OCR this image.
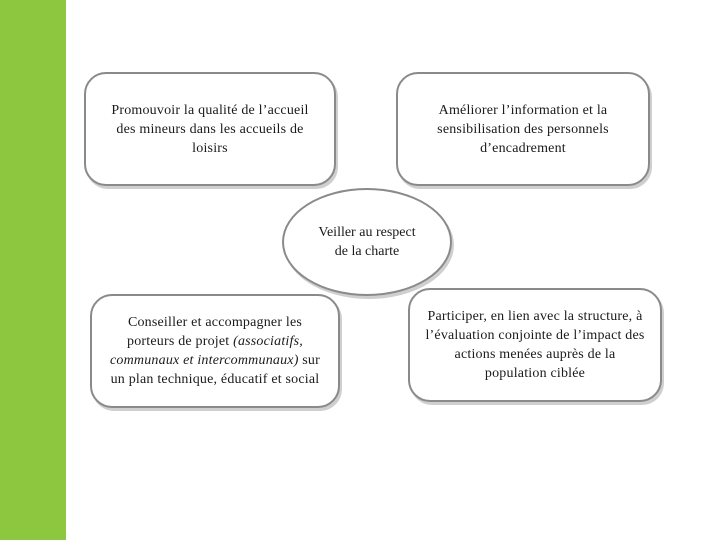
Promouvoir la qualité de l’accueil des mineurs dans les accueils de loisirs
Améliorer l’information et la sensibilisation des personnels d’encadrement
Conseiller et accompagner les porteurs de projet (associatifs, communaux et intercommunaux) sur un plan technique, éducatif et social
Participer, en lien avec la structure, à l’évaluation conjointe de l’impact des actions menées auprès de la population ciblée
Veiller au respect de la charte
